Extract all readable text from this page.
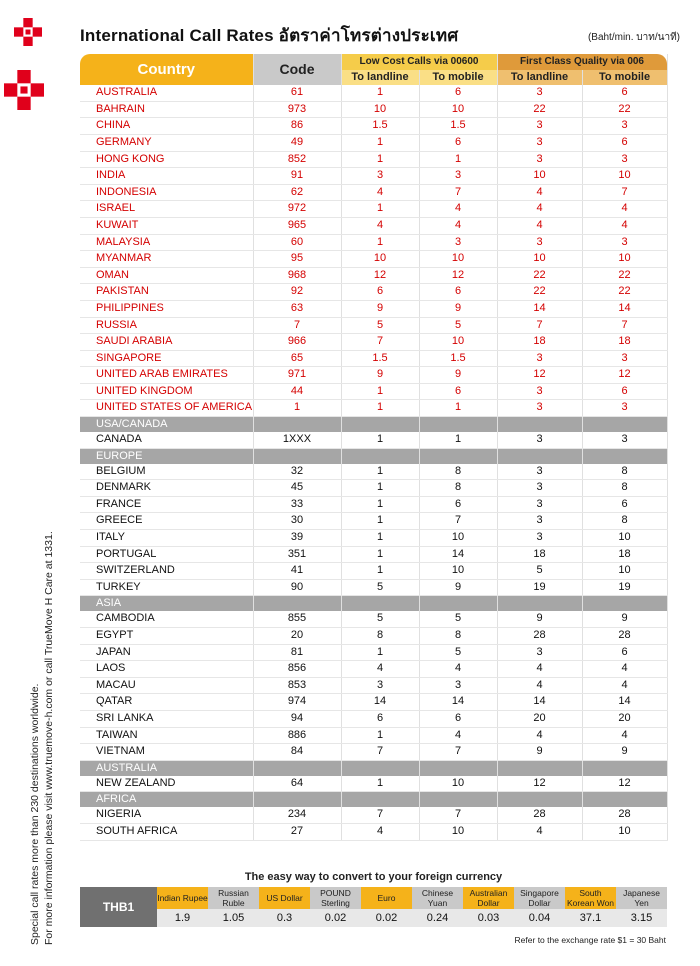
International Call Rates อัตราค่าโทรต่างประเทศ	(Baht/min. บาท/นาที)
Special call rates more than 230 destinations worldwide. For more information please visit www.truemove-h.com or call TrueMove H Care at 1331.
Country	Code	Low Cost Calls via 00600		First Class Quality via 006	
		To landline	To mobile	To landline	To mobile
AUSTRALIA	61	1	6	3	6
BAHRAIN	973	10	10	22	22
CHINA	86	1.5	1.5	3	3
GERMANY	49	1	6	3	6
HONG KONG	852	1	1	3	3
INDIA	91	3	3	10	10
INDONESIA	62	4	7	4	7
ISRAEL	972	1	4	4	4
KUWAIT	965	4	4	4	4
MALAYSIA	60	1	3	3	3
MYANMAR	95	10	10	10	10
OMAN	968	12	12	22	22
PAKISTAN	92	6	6	22	22
PHILIPPINES	63	9	9	14	14
RUSSIA	7	5	5	7	7
SAUDI ARABIA	966	7	10	18	18
SINGAPORE	65	1.5	1.5	3	3
UNITED ARAB EMIRATES	971	9	9	12	12
UNITED KINGDOM	44	1	6	3	6
UNITED STATES OF AMERICA	1	1	1	3	3
USA/CANADA					
CANADA	1XXX	1	1	3	3
EUROPE					
BELGIUM	32	1	8	3	8
DENMARK	45	1	8	3	8
FRANCE	33	1	6	3	6
GREECE	30	1	7	3	8
ITALY	39	1	10	3	10
PORTUGAL	351	1	14	18	18
SWITZERLAND	41	1	10	5	10
TURKEY	90	5	9	19	19
ASIA					
CAMBODIA	855	5	5	9	9
EGYPT	20	8	8	28	28
JAPAN	81	1	5	3	6
LAOS	856	4	4	4	4
MACAU	853	3	3	4	4
QATAR	974	14	14	14	14
SRI LANKA	94	6	6	20	20
TAIWAN	886	1	4	4	4
VIETNAM	84	7	7	9	9
AUSTRALIA					
NEW ZEALAND	64	1	10	12	12
AFRICA					
NIGERIA	234	7	7	28	28
SOUTH AFRICA	27	4	10	4	10
The easy way to convert to your foreign currency
THB1	Indian Rupee	Russian Ruble	US Dollar	POUND Sterling	Euro	Chinese Yuan	Australian Dollar	Singapore Dollar	South Korean Won	Japanese Yen
	1.9	1.05	0.3	0.02	0.02	0.24	0.03	0.04	37.1	3.15
Refer to the exchange rate $1 = 30 Baht
